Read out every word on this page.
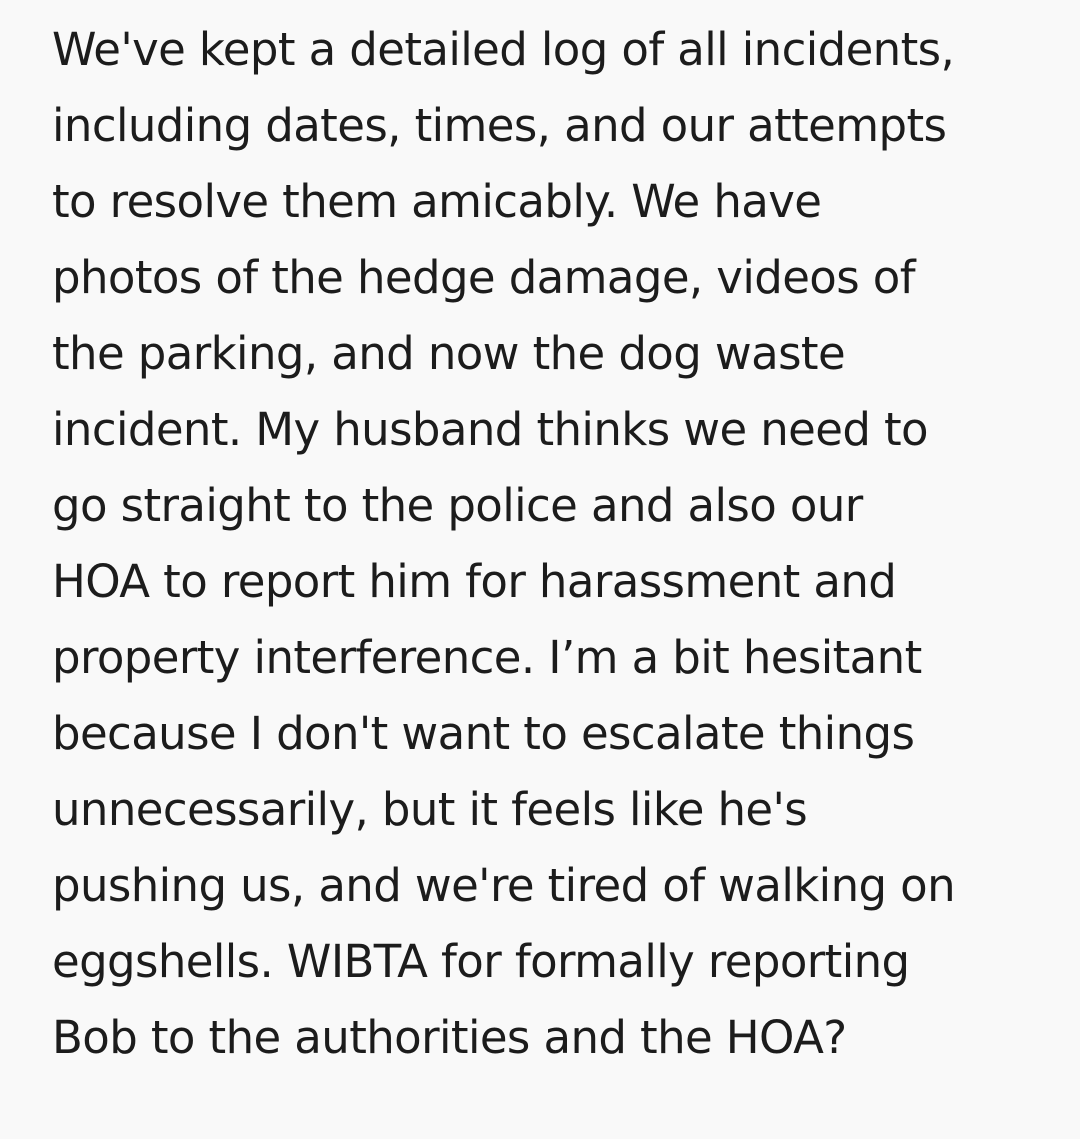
We've kept a detailed log of all incidents,
including dates, times, and our attempts
to resolve them amicably. We have
photos of the hedge damage, videos of
the parking, and now the dog waste
incident. My husband thinks we need to
go straight to the police and also our
HOA to report him for harassment and
property interference. I’m a bit hesitant
because I don't want to escalate things
unnecessarily, but it feels like he's
pushing us, and we're tired of walking on
eggshells. WIBTA for formally reporting
Bob to the authorities and the HOA?
